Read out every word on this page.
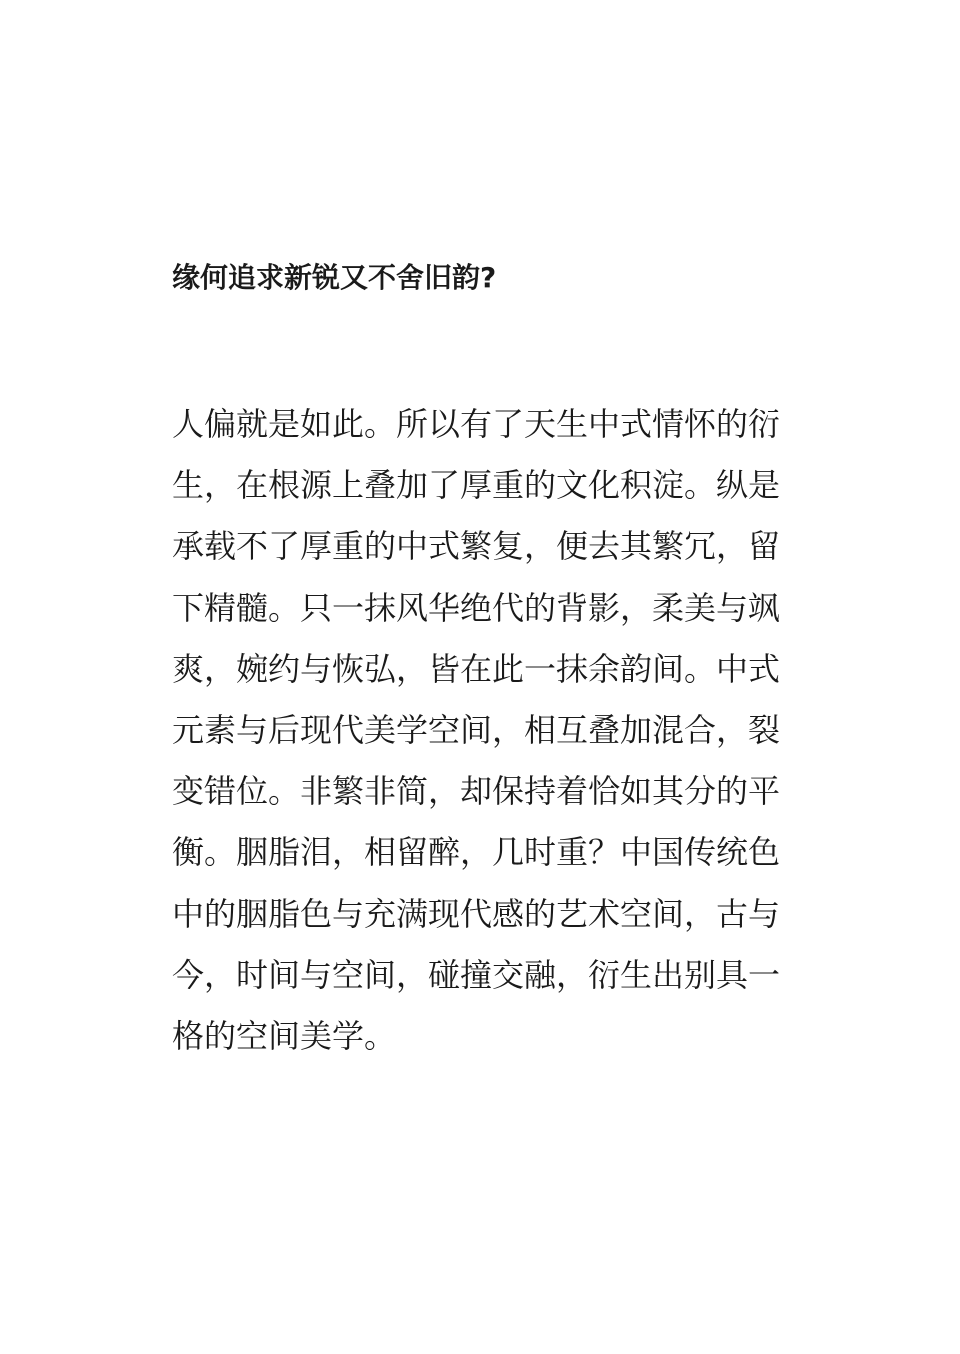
缘何追求新锐又不舍旧韵?

人偏就是如此。所以有了天生中式情怀的衍
生，在根源上叠加了厚重的文化积淀。纵是
承载不了厚重的中式繁复，便去其繁冗，留
下精髓。只一抹风华绝代的背影，柔美与飒
爽，婉约与恢弘，皆在此一抹余韵间。中式
元素与后现代美学空间，相互叠加混合，裂
变错位。非繁非简，却保持着恰如其分的平
衡。胭脂泪，相留醉，几时重？中国传统色
中的胭脂色与充满现代感的艺术空间，古与
今，时间与空间，碰撞交融，衍生出别具一
格的空间美学。
